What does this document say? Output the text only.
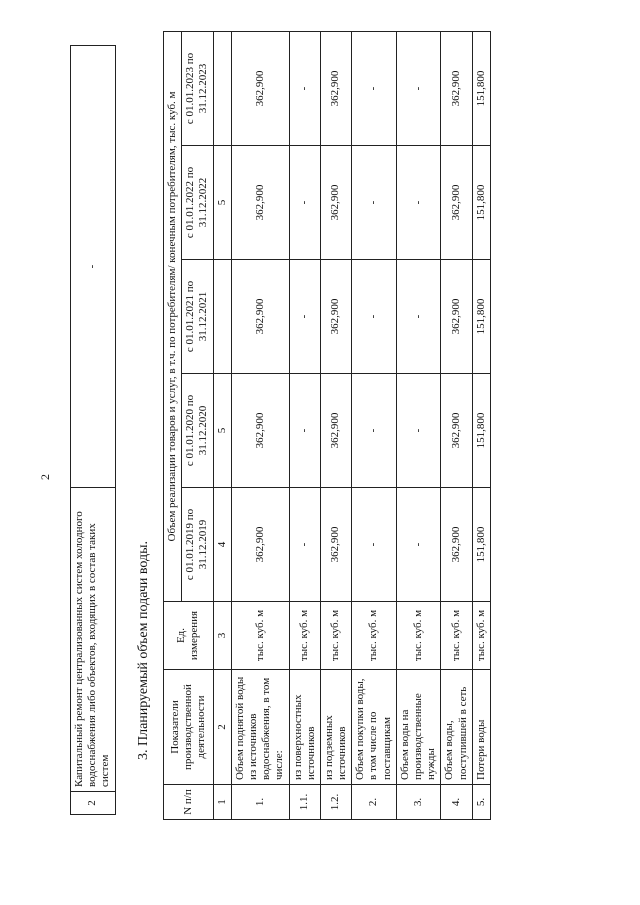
2
2	Капитальный ремонт централизованных систем холодного водоснабжения либо объектов, входящих в состав таких систем	-
3. Планируемый объем подачи воды.
N п/п	Показатели производственной деятельности	Ед. измерения	Объем реализации товаров и услуг, в т.ч. по потребителям/ конечным потребителям, тыс. куб. м				
			с 01.01.2019 по 31.12.2019	с 01.01.2020 по 31.12.2020	с 01.01.2021 по 31.12.2021	с 01.01.2022 по 31.12.2022	с 01.01.2023 по 31.12.2023
1	2	3	4	5		5	
1.	Объем поднятой воды из источников водоснабжения, в том числе:	тыс. куб. м	362,900	362,900	362,900	362,900	362,900
1.1.	из поверхностных источников	тыс. куб. м	-	-	-	-	-
1.2.	из подземных источников	тыс. куб. м	362,900	362,900	362,900	362,900	362,900
2.	Объем покупки воды, в том числе по поставщикам	тыс. куб. м	-	-	-	-	-
3.	Объем воды на производственные нужды	тыс. куб. м	-	-	-	-	-
4.	Объем воды, поступившей в сеть	тыс. куб. м	362,900	362,900	362,900	362,900	362,900
5.	Потери воды	тыс. куб. м	151,800	151,800	151,800	151,800	151,800
